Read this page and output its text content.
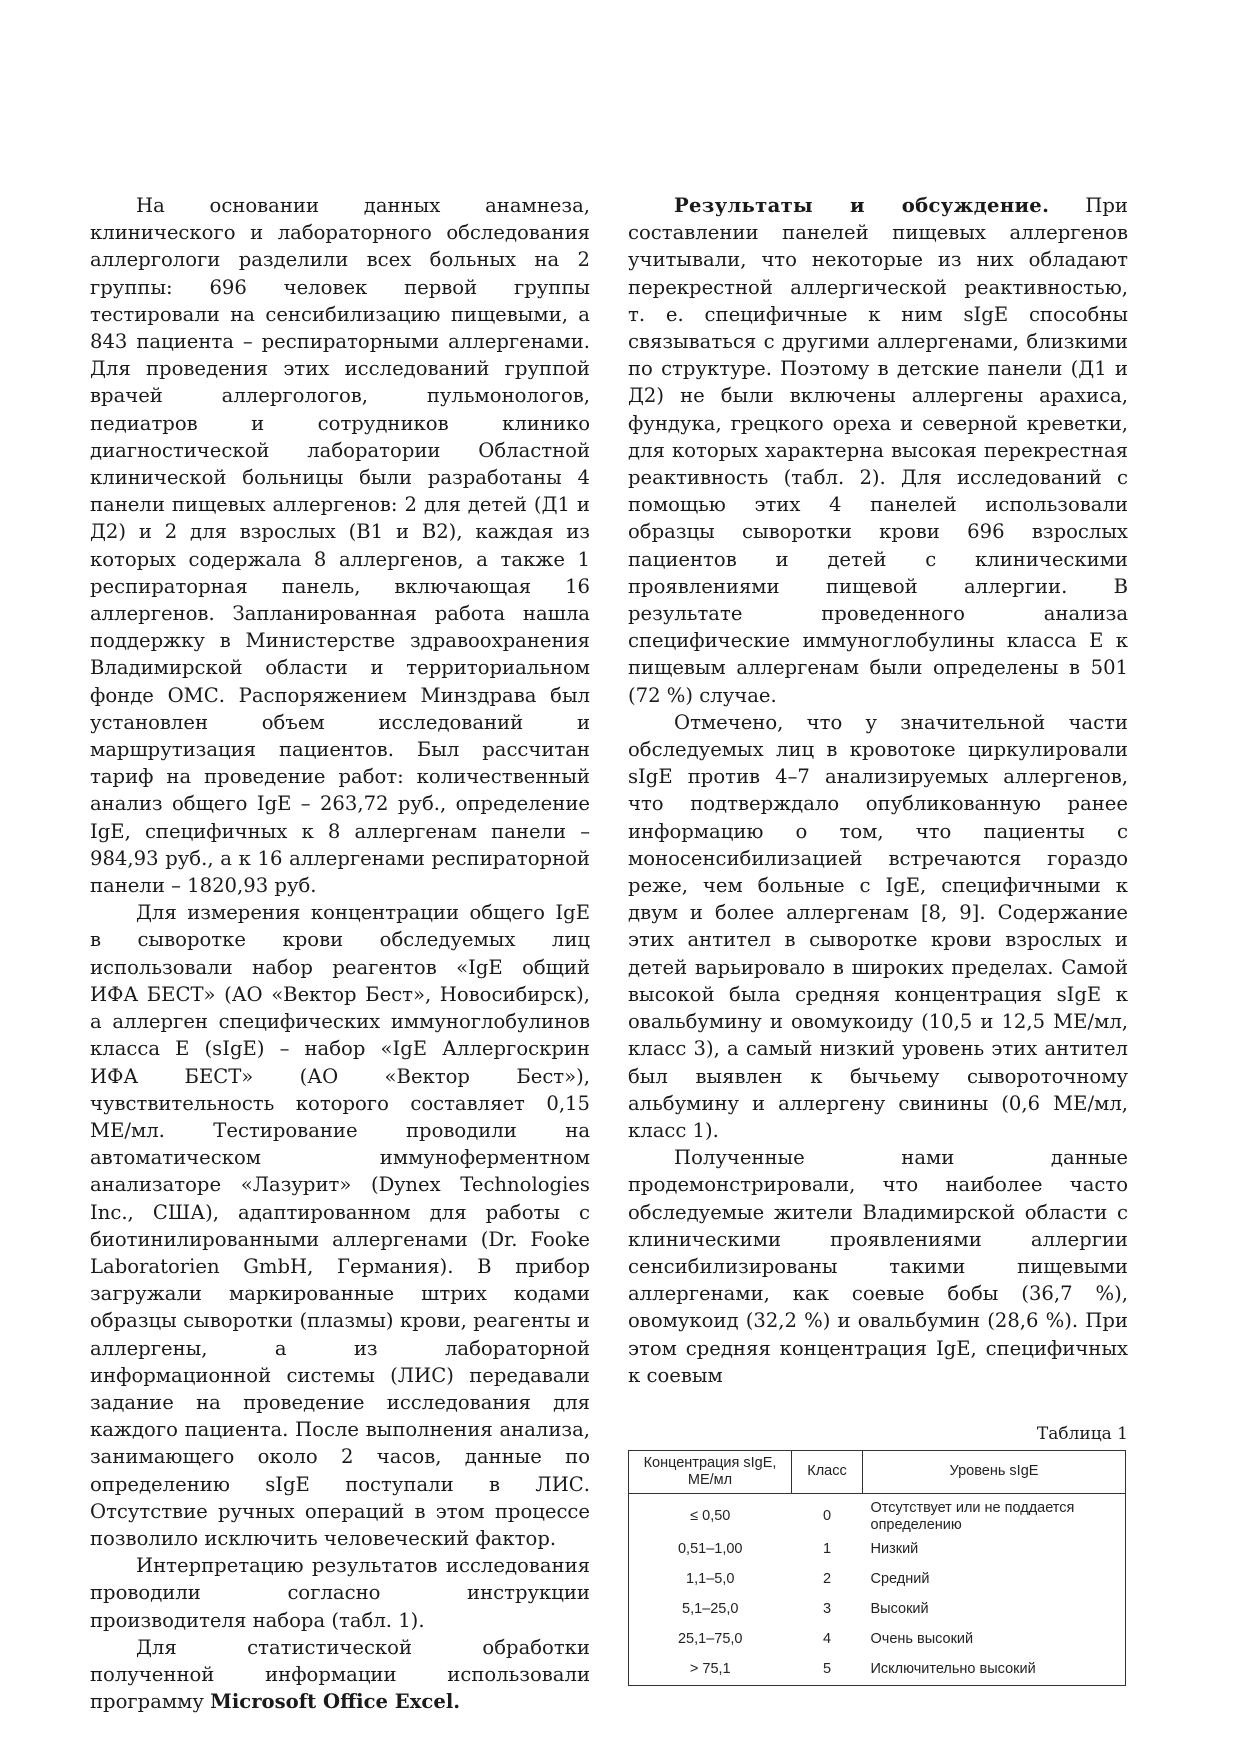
На основании данных анамнеза, клинического и лабораторного обследования аллергологи разделили всех больных на 2 группы: 696 человек первой группы тестировали на сенсибилизацию пищевыми, а 843 пациента – респираторными аллергенами. Для проведения этих исследований группой врачей аллергологов, пульмонологов, педиатров и сотрудников клинико диагностической лаборатории Областной клинической больницы были разработаны 4 панели пищевых аллергенов: 2 для детей (Д1 и Д2) и 2 для взрослых (В1 и В2), каждая из которых содержала 8 аллергенов, а также 1 респираторная панель, включающая 16 аллергенов. Запланированная работа нашла поддержку в Министерстве здравоохранения Владимирской области и территориальном фонде ОМС. Распоряжением Минздрава был установлен объем исследований и маршрутизация пациентов. Был рассчитан тариф на проведение работ: количественный анализ общего IgE – 263,72 руб., определение IgE, специфичных к 8 аллергенам панели – 984,93 руб., а к 16 аллергенами респираторной панели – 1820,93 руб.

Для измерения концентрации общего IgE в сыворотке крови обследуемых лиц использовали набор реагентов «IgE общий ИФА БЕСТ» (АО «Вектор Бест», Новосибирск), а аллерген специфических иммуноглобулинов класса Е (sIgE) – набор «IgE Аллергоскрин ИФА БЕСТ» (АО «Вектор Бест»), чувствительность которого составляет 0,15 МЕ/мл. Тестирование проводили на автоматическом иммуноферментном анализаторе «Лазурит» (Dynex Technologies Inc., США), адаптированном для работы с биотинилированными аллергенами (Dr. Fooke Laboratorien GmbH, Германия). В прибор загружали маркированные штрих кодами образцы сыворотки (плазмы) крови, реагенты и аллергены, а из лабораторной информационной системы (ЛИС) передавали задание на проведение исследования для каждого пациента. После выполнения анализа, занимающего около 2 часов, данные по определению sIgE поступали в ЛИС. Отсутствие ручных операций в этом процессе позволило исключить человеческий фактор.

Интерпретацию результатов исследования проводили согласно инструкции производителя набора (табл. 1).

Для статистической обработки полученной информации использовали программу Microsoft Office Excel.

Результаты и обсуждение. При составлении панелей пищевых аллергенов учитывали, что некоторые из них обладают перекрестной аллергической реактивностью, т. е. специфичные к ним sIgE способны связываться с другими аллергенами, близкими по структуре. Поэтому в детские панели (Д1 и Д2) не были включены аллергены арахиса, фундука, грецкого ореха и северной креветки, для которых характерна высокая перекрестная реактивность (табл. 2). Для исследований с помощью этих 4 панелей использовали образцы сыворотки крови 696 взрослых пациентов и детей с клиническими проявлениями пищевой аллергии. В результате проведенного анализа специфические иммуноглобулины класса Е к пищевым аллергенам были определены в 501 (72 %) случае.

Отмечено, что у значительной части обследуемых лиц в кровотоке циркулировали sIgE против 4–7 анализируемых аллергенов, что подтверждало опубликованную ранее информацию о том, что пациенты с моносенсибилизацией встречаются гораздо реже, чем больные с IgE, специфичными к двум и более аллергенам [8, 9]. Содержание этих антител в сыворотке крови взрослых и детей варьировало в широких пределах. Самой высокой была средняя концентрация sIgE к овальбумину и овомукоиду (10,5 и 12,5 МЕ/мл, класс 3), а самый низкий уровень этих антител был выявлен к бычьему сывороточному альбумину и аллергену свинины (0,6 МЕ/мл, класс 1).

Полученные нами данные продемонстрировали, что наиболее часто обследуемые жители Владимирской области с клиническими проявлениями аллергии сенсибилизированы такими пищевыми аллергенами, как соевые бобы (36,7 %), овомукоид (32,2 %) и овальбумин (28,6 %). При этом средняя концентрация IgE, специфичных к соевым

Таблица 1
Концентрация sIgE, МЕ/мл	Класс	Уровень sIgE
≤ 0,50	0	Отсутствует или не поддается определению
0,51–1,00	1	Низкий
1,1–5,0	2	Средний
5,1–25,0	3	Высокий
25,1–75,0	4	Очень высокий
> 75,1	5	Исключительно высокий
